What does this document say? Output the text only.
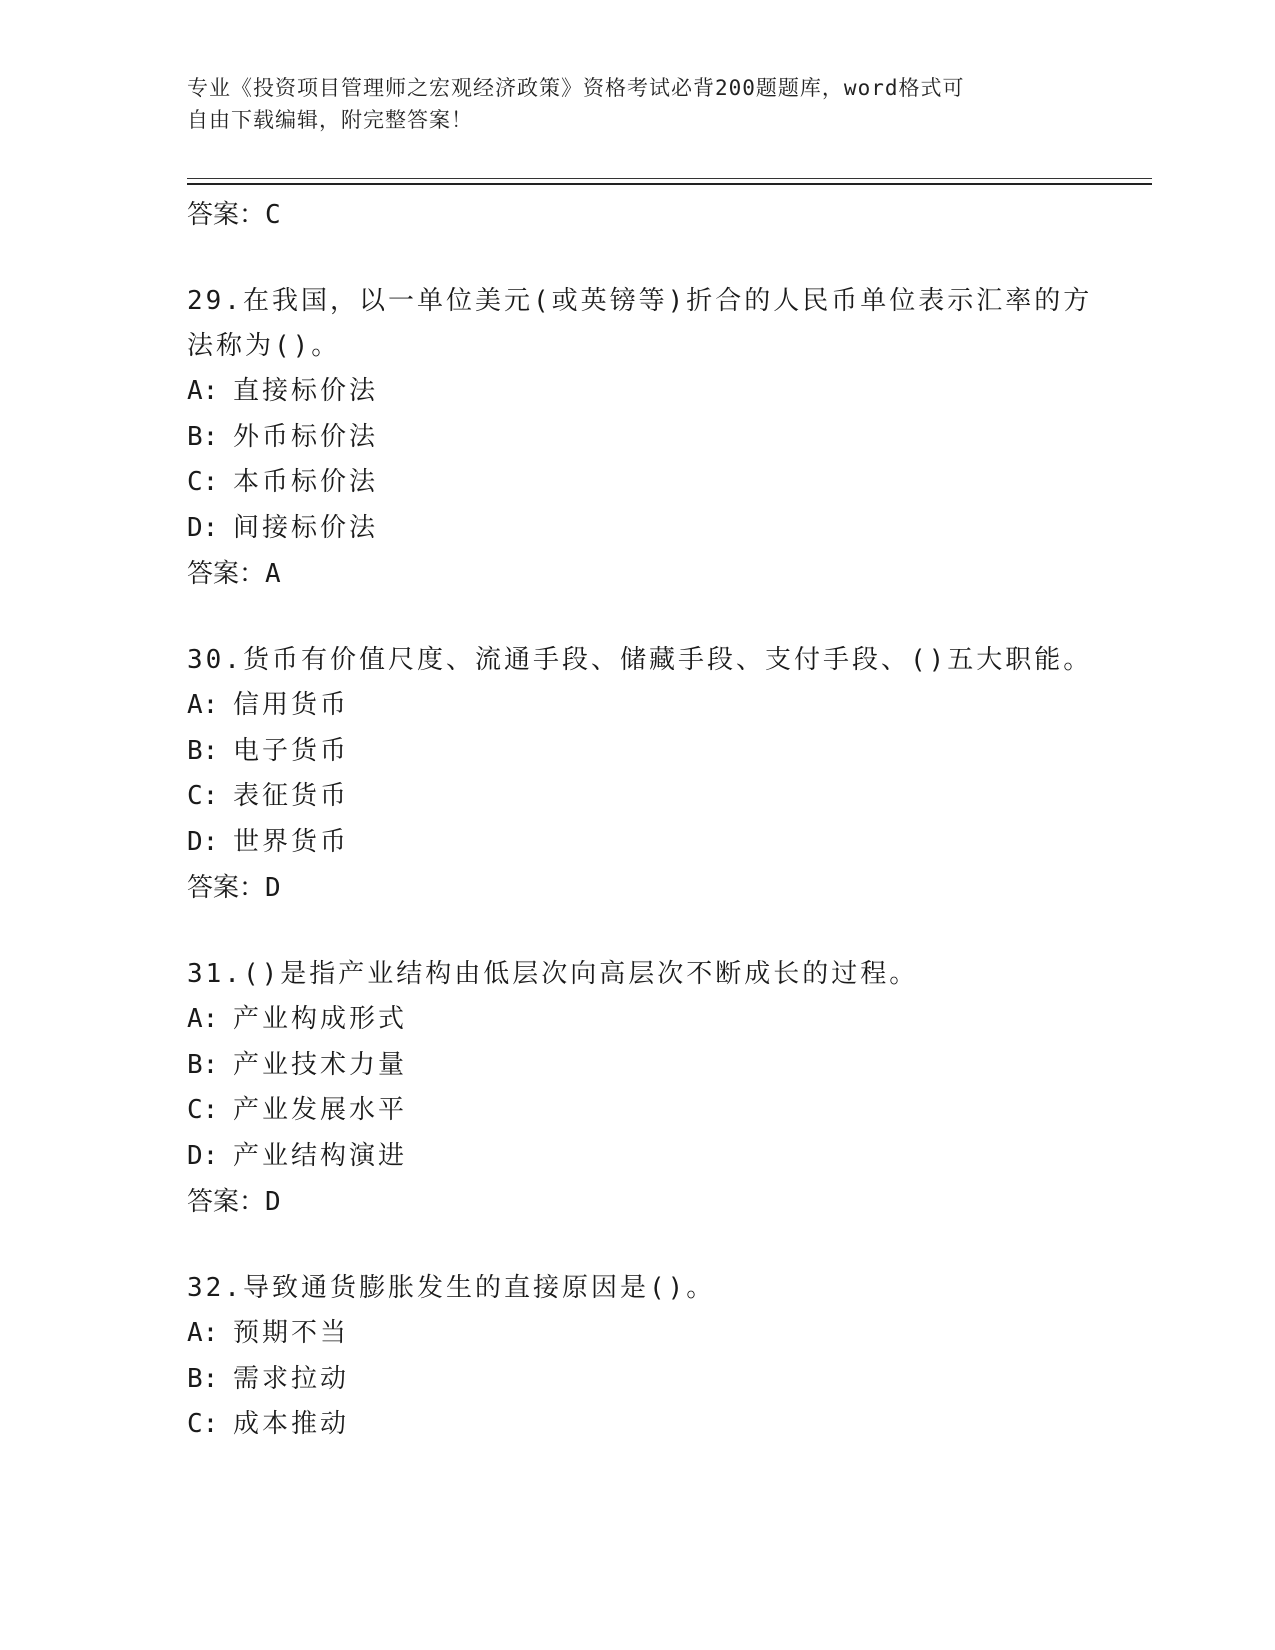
专业《投资项目管理师之宏观经济政策》资格考试必背200题题库，word格式可
自由下载编辑，附完整答案！
答案： C
29.在我国，以一单位美元(或英镑等)折合的人民币单位表示汇率的方
法称为()。
A: 直接标价法
B: 外币标价法
C: 本币标价法
D: 间接标价法
答案： A
30.货币有价值尺度、流通手段、储藏手段、支付手段、()五大职能。
A: 信用货币
B: 电子货币
C: 表征货币
D: 世界货币
答案： D
31.()是指产业结构由低层次向高层次不断成长的过程。
A: 产业构成形式
B: 产业技术力量
C: 产业发展水平
D: 产业结构演进
答案： D
32.导致通货膨胀发生的直接原因是()。
A: 预期不当
B: 需求拉动
C: 成本推动
